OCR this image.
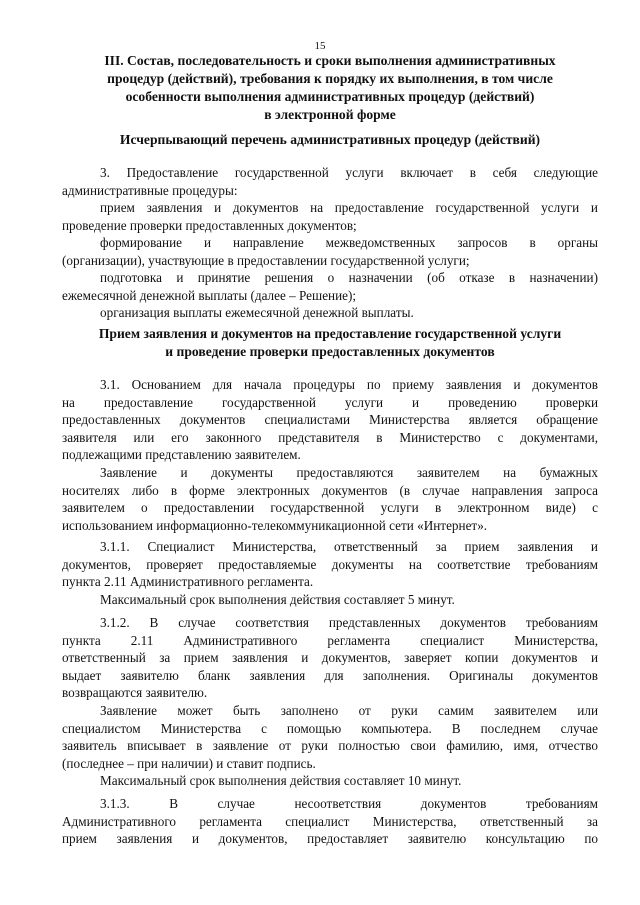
15
III. Состав, последовательность и сроки выполнения административных
процедур (действий), требования к порядку их выполнения, в том числе
особенности выполнения административных процедур (действий)
в электронной форме
Исчерпывающий перечень административных процедур (действий)
3. Предоставление государственной услуги включает в себя следующие
административные процедуры:
прием заявления и документов на предоставление государственной услуги и
проведение проверки предоставленных документов;
формирование и направление межведомственных запросов в органы
(организации), участвующие в предоставлении государственной услуги;
подготовка и принятие решения о назначении (об отказе в назначении)
ежемесячной денежной выплаты (далее – Решение);
организация выплаты ежемесячной денежной выплаты.
Прием заявления и документов на предоставление государственной услуги
и проведение проверки предоставленных документов
3.1. Основанием для начала процедуры по приему заявления и документов
на предоставление государственной услуги и проведению проверки
предоставленных документов специалистами Министерства является обращение
заявителя или его законного представителя в Министерство с документами,
подлежащими представлению заявителем.
Заявление и документы предоставляются заявителем на бумажных
носителях либо в форме электронных документов (в случае направления запроса
заявителем о предоставлении государственной услуги в электронном виде) с
использованием информационно-телекоммуникационной сети «Интернет».
3.1.1. Специалист Министерства, ответственный за прием заявления и
документов, проверяет предоставляемые документы на соответствие требованиям
пункта 2.11 Административного регламента.
Максимальный срок выполнения действия составляет 5 минут.
3.1.2. В случае соответствия представленных документов требованиям
пункта 2.11 Административного регламента специалист Министерства,
ответственный за прием заявления и документов, заверяет копии документов и
выдает заявителю бланк заявления для заполнения. Оригиналы документов
возвращаются заявителю.
Заявление может быть заполнено от руки самим заявителем или
специалистом Министерства с помощью компьютера. В последнем случае
заявитель вписывает в заявление от руки полностью свои фамилию, имя, отчество
(последнее – при наличии) и ставит подпись.
Максимальный срок выполнения действия составляет 10 минут.
3.1.3. В случае несоответствия документов требованиям
Административного регламента специалист Министерства, ответственный за
прием заявления и документов, предоставляет заявителю консультацию по
